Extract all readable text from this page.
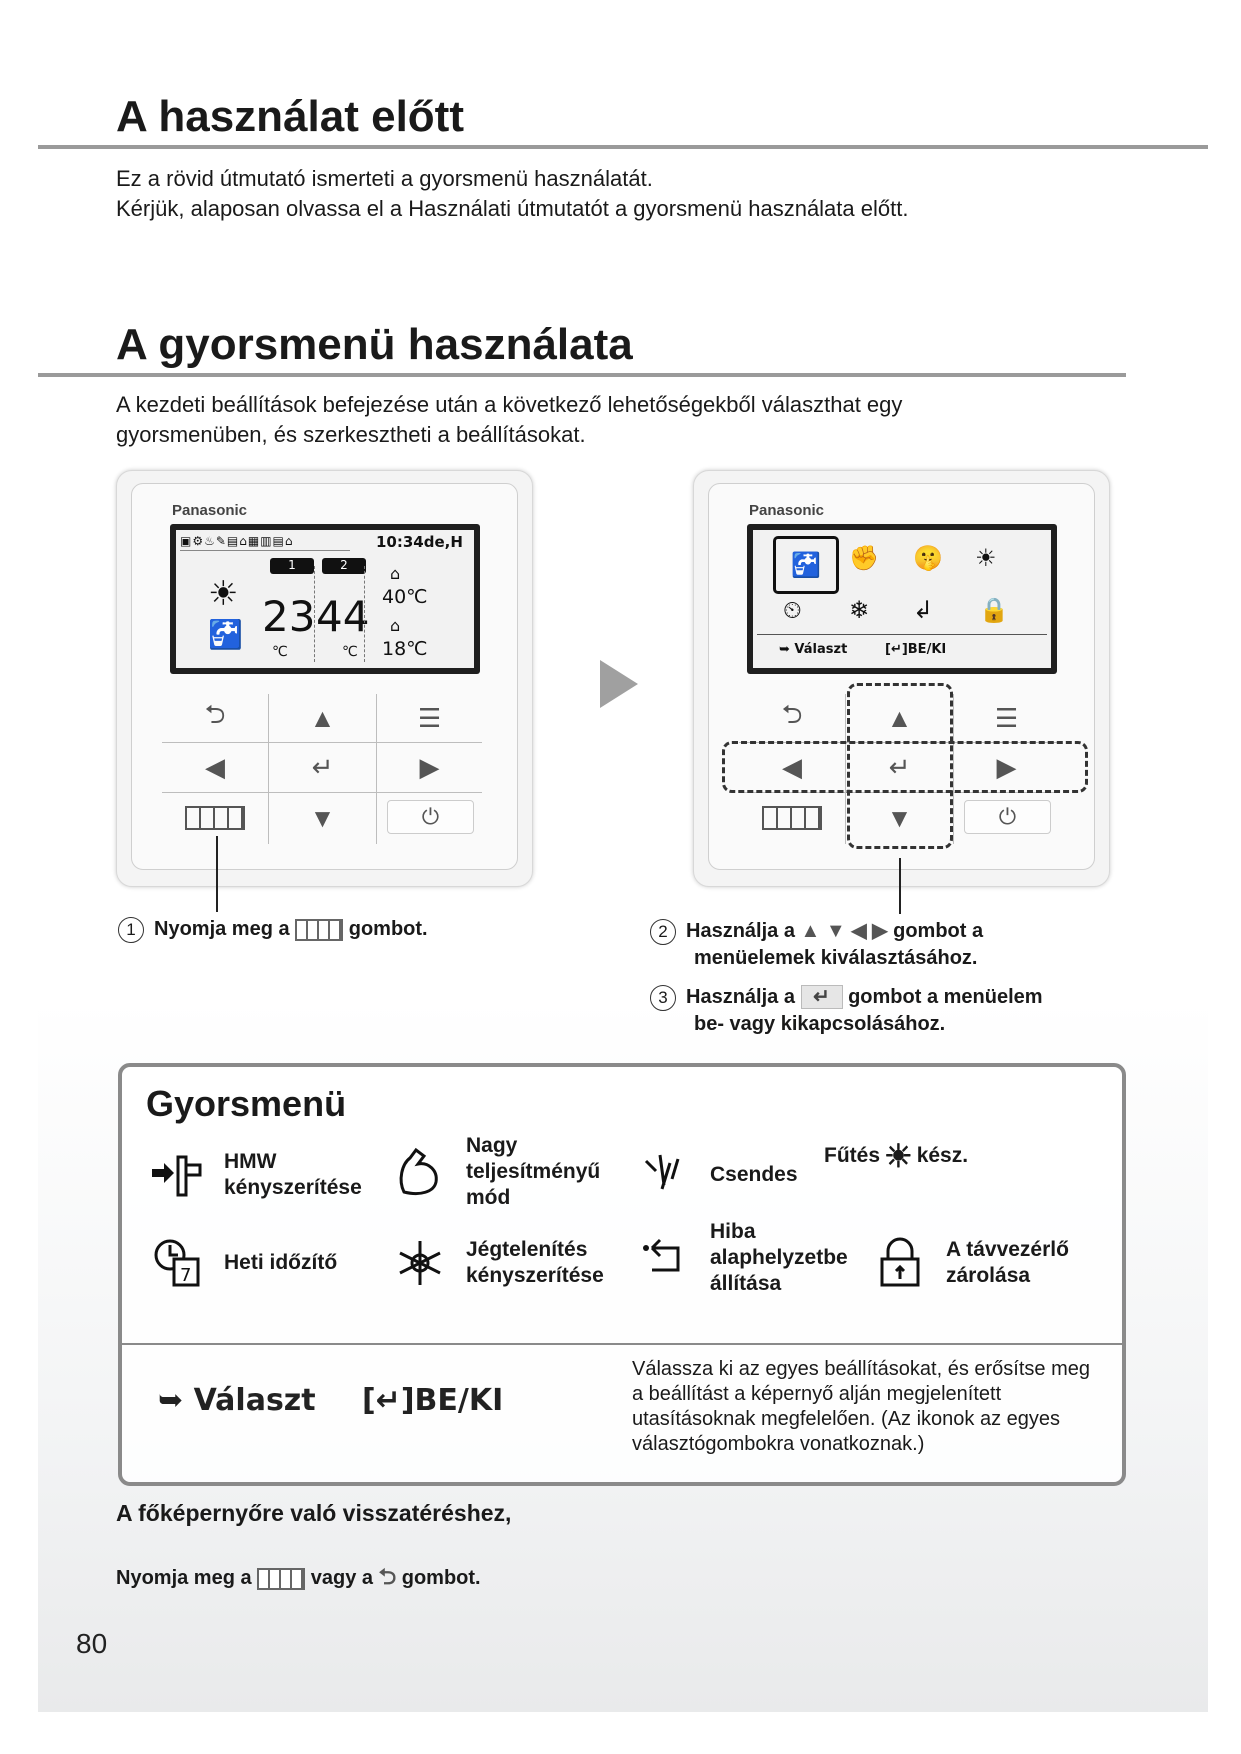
A használat előtt
Ez a rövid útmutató ismerteti a gyorsmenü használatát.
Kérjük, alaposan olvassa el a Használati útmutatót a gyorsmenü használata előtt.
A gyorsmenü használata
A kezdeti beállítások befejezése után a következő lehetőségekből választhat egy
gyorsmenüben, és szerkesztheti a beállításokat.
Panasonic
▣⚙♨✎▤⌂▦▥▤⌂	10:34de,H
1	2
☀
🚰 23 44
⌂
40℃
⌂
18℃
℃	℃
⮌	▲	☰
◀	↵	▶
▼	⏻
Panasonic
🚰	✊ 🤫 ☀
⏲ ❄ ↲ 🔒
➥ Választ	[↵]BE/KI
⮌	▲	☰
◀	↵	▶
▼	⏻
1 Nyomja meg a	gombot.	2 Használja a ▲ ▼ ◀ ▶ gombot a
menüelemek kiválasztásához.
3 Használja a ↵ gombot a menüelem
be- vagy kikapcsolásához.
Gyorsmenü
HMW
kényszerítése
Nagy
teljesítményű
mód
Csendes
Fűtés ☀ kész.
7
Heti időzítő
Jégtelenítés
kényszerítése
Hiba
alaphelyzetbe
állítása
A távvezérlő
zárolása
➥ Választ [↵]BE/KI
Válassza ki az egyes beállításokat, és erősítse meg a beállítást a képernyő alján megjelenített utasításoknak megfelelően. (Az ikonok az egyes választógombokra vonatkoznak.)
A főképernyőre való visszatéréshez,
Nyomja meg a	vagy a ⮌ gombot.
80
